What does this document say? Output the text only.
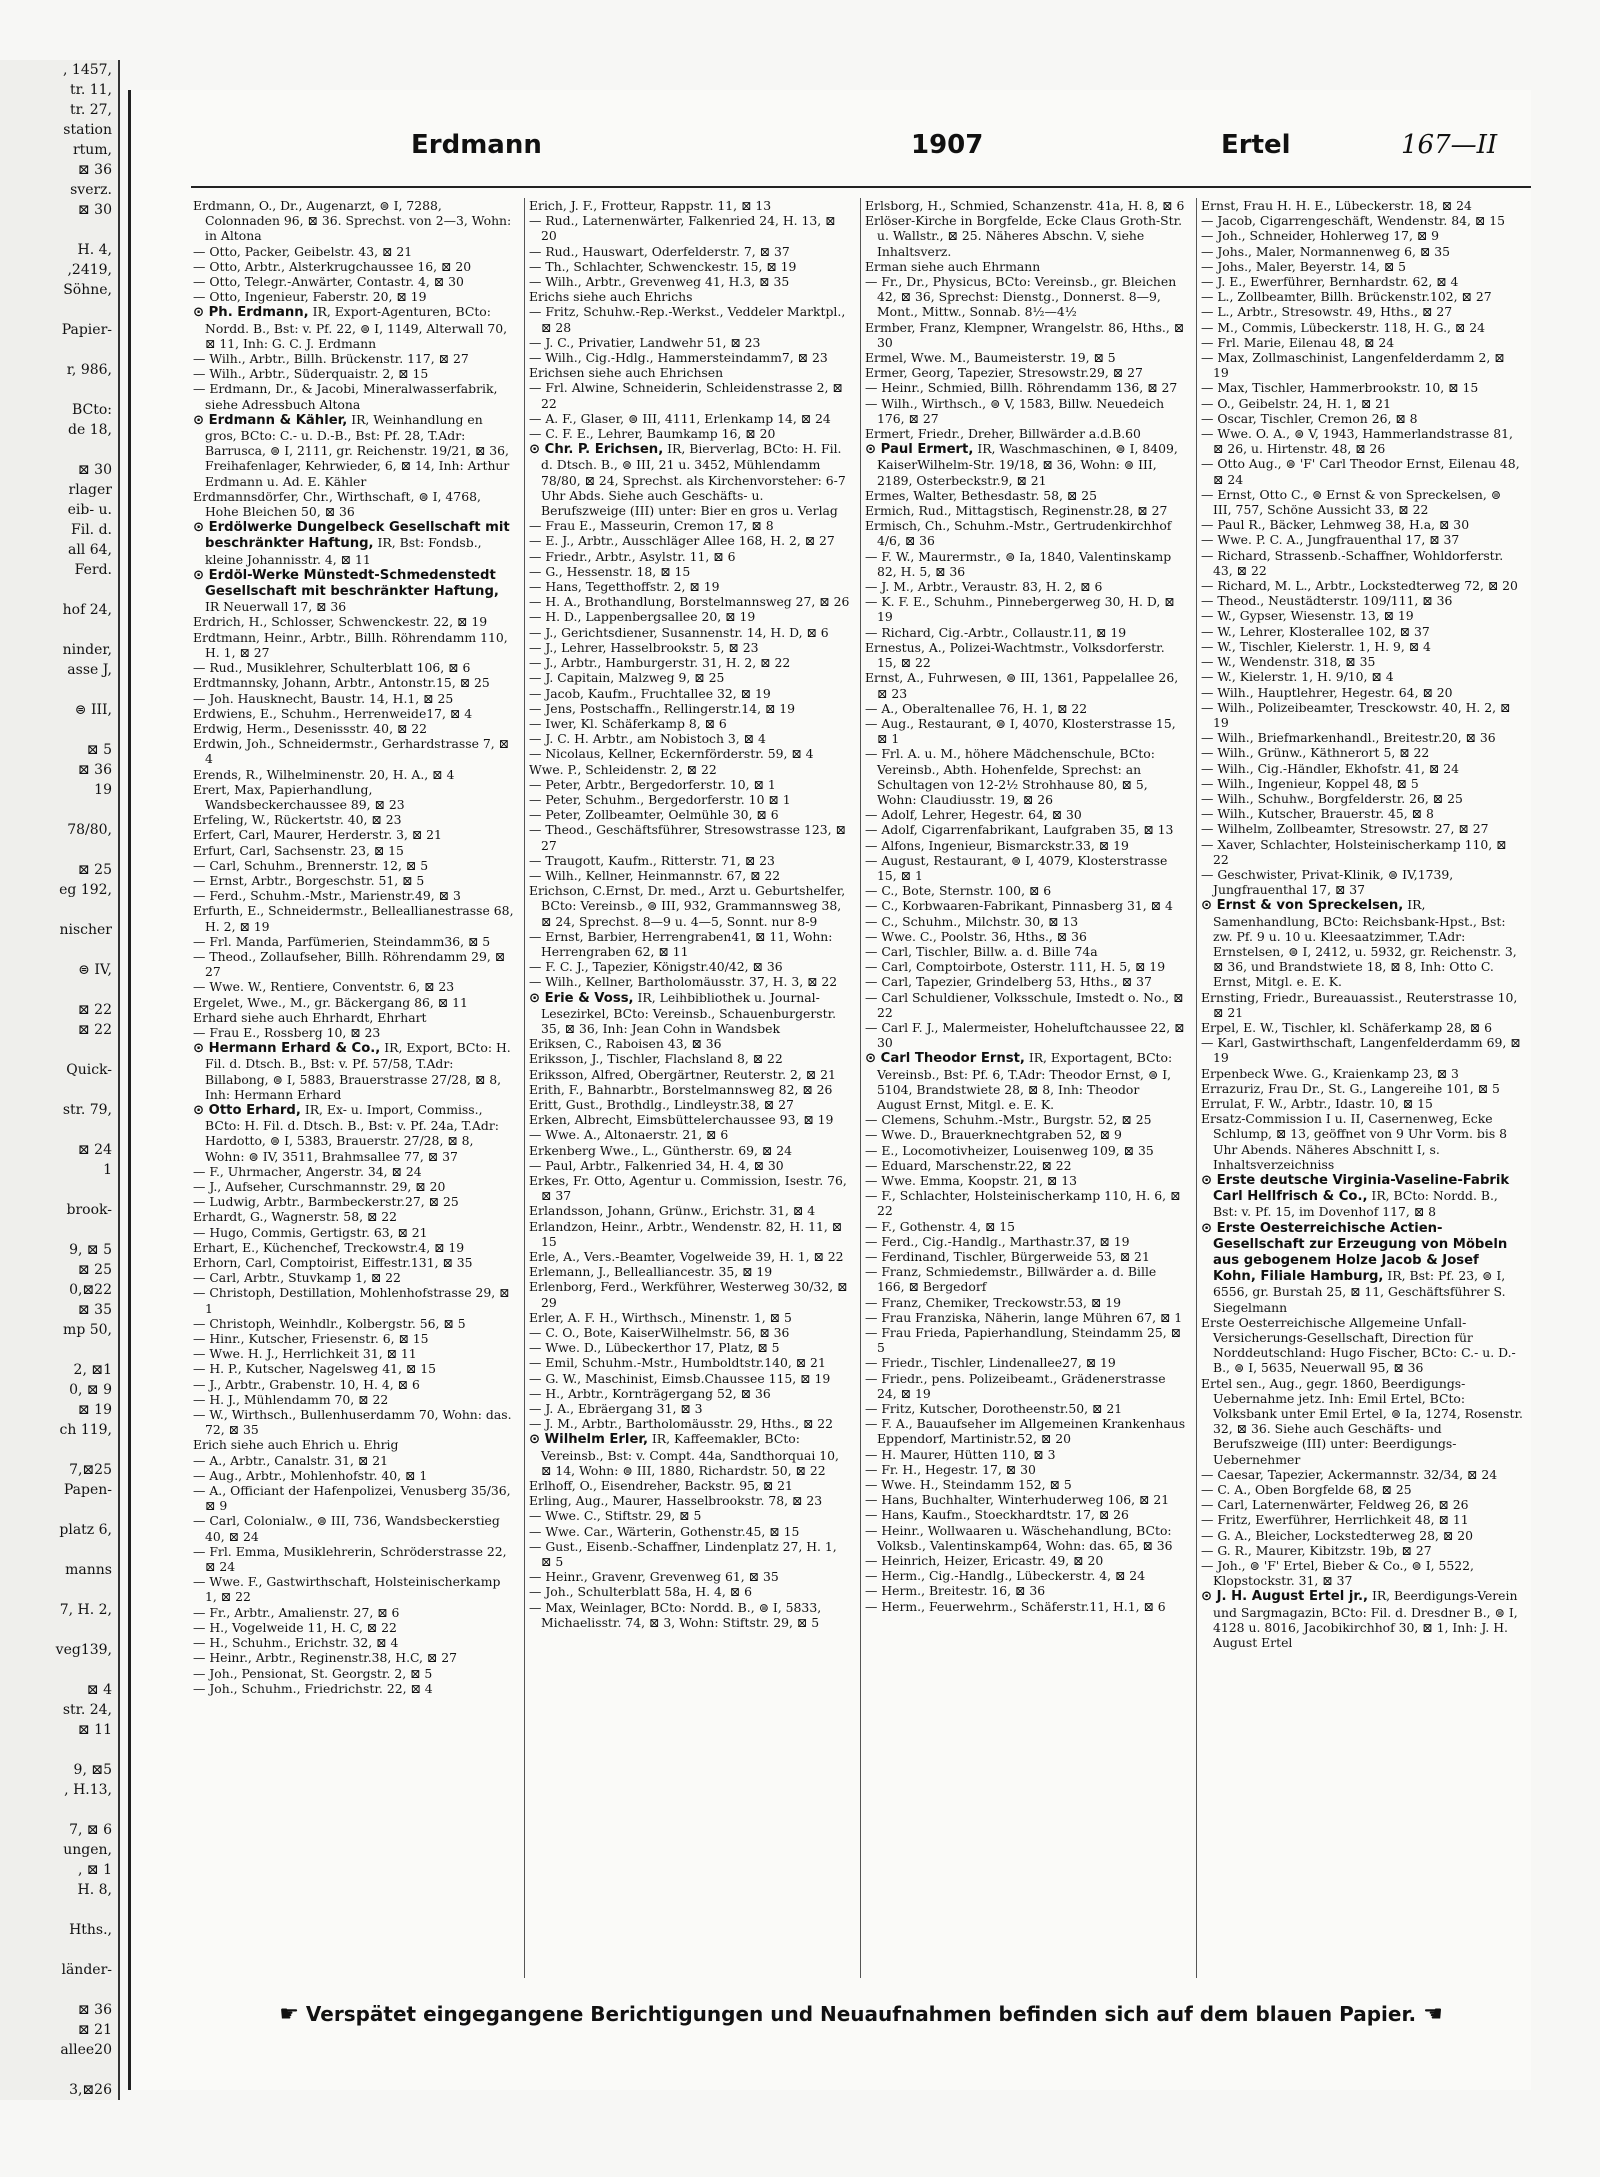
, 1457,
tr. 11,
tr. 27,
station
rtum,
⊠ 36
sverz.
⊠ 30

H. 4,
,2419,
Söhne,

Papier-

r, 986,

BCto:
de 18,

⊠ 30
rlager
eib- u.
Fil. d.
all 64,
Ferd.

hof 24,

ninder,
asse J,

⊜ III,

⊠ 5
⊠ 36
19

78/80,

⊠ 25
eg 192,

nischer

⊜ IV,

⊠ 22
⊠ 22

Quick-

str. 79,

⊠ 24
1

brook-

9, ⊠ 5
⊠ 25
0,⊠22
⊠ 35
mp 50,

2, ⊠1
0, ⊠ 9
⊠ 19
ch 119,

7,⊠25
Papen-

platz 6,

manns

7, H. 2,

veg139,

⊠ 4
str. 24,
⊠ 11

9, ⊠5
, H.13,

7, ⊠ 6
ungen,
, ⊠ 1
H. 8,

Hths.,

länder-

⊠ 36
⊠ 21
allee20

3,⊠26
Erdmann	1907	Ertel	167—II

Erdmann, O., Dr., Augenarzt, ⊜ I, 7288, Colonnaden 96, ⊠ 36. Sprechst. von 2—3, Wohn: in Altona

— Otto, Packer, Geibelstr. 43, ⊠ 21

— Otto, Arbtr., Alsterkrugchaussee 16, ⊠ 20

— Otto, Telegr.-Anwärter, Contastr. 4, ⊠ 30

— Otto, Ingenieur, Faberstr. 20, ⊠ 19

⊙ Ph. Erdmann, IR, Export-Agenturen, BCto: Nordd. B., Bst: v. Pf. 22, ⊜ I, 1149, Alterwall 70, ⊠ 11, Inh: G. C. J. Erdmann

— Wilh., Arbtr., Billh. Brückenstr. 117, ⊠ 27

— Wilh., Arbtr., Süderquaistr. 2, ⊠ 15

— Erdmann, Dr., & Jacobi, Mineralwasserfabrik, siehe Adressbuch Altona

⊙ Erdmann & Kähler, IR, Weinhandlung en gros, BCto: C.- u. D.-B., Bst: Pf. 28, T.Adr: Barrusca, ⊜ I, 2111, gr. Reichenstr. 19/21, ⊠ 36, Freihafenlager, Kehrwieder, 6, ⊠ 14, Inh: Arthur Erdmann u. Ad. E. Kähler

Erdmannsdörfer, Chr., Wirthschaft, ⊜ I, 4768, Hohe Bleichen 50, ⊠ 36

⊙ Erdölwerke Dungelbeck Gesellschaft mit beschränkter Haftung, IR, Bst: Fondsb., kleine Johannisstr. 4, ⊠ 11

⊙ Erdöl-Werke Münstedt-Schmedenstedt Gesellschaft mit beschränkter Haftung, IR Neuerwall 17, ⊠ 36

Erdrich, H., Schlosser, Schwenckestr. 22, ⊠ 19

Erdtmann, Heinr., Arbtr., Billh. Röhrendamm 110, H. 1, ⊠ 27

— Rud., Musiklehrer, Schulterblatt 106, ⊠ 6

Erdtmannsky, Johann, Arbtr., Antonstr.15, ⊠ 25

— Joh. Hausknecht, Baustr. 14, H.1, ⊠ 25

Erdwiens, E., Schuhm., Herrenweide17, ⊠ 4

Erdwig, Herm., Desenissstr. 40, ⊠ 22

Erdwin, Joh., Schneidermstr., Gerhardstrasse 7, ⊠ 4

Erends, R., Wilhelminenstr. 20, H. A., ⊠ 4

Erert, Max, Papierhandlung, Wandsbeckerchaussee 89, ⊠ 23

Erfeling, W., Rückertstr. 40, ⊠ 23

Erfert, Carl, Maurer, Herderstr. 3, ⊠ 21

Erfurt, Carl, Sachsenstr. 23, ⊠ 15

— Carl, Schuhm., Brennerstr. 12, ⊠ 5

— Ernst, Arbtr., Borgeschstr. 51, ⊠ 5

— Ferd., Schuhm.-Mstr., Marienstr.49, ⊠ 3

Erfurth, E., Schneidermstr., Belleallianestrasse 68, H. 2, ⊠ 19

— Frl. Manda, Parfümerien, Steindamm36, ⊠ 5

— Theod., Zollaufseher, Billh. Röhrendamm 29, ⊠ 27

— Wwe. W., Rentiere, Conventstr. 6, ⊠ 23

Ergelet, Wwe., M., gr. Bäckergang 86, ⊠ 11

Erhard siehe auch Ehrhardt, Ehrhart

— Frau E., Rossberg 10, ⊠ 23

⊙ Hermann Erhard & Co., IR, Export, BCto: H. Fil. d. Dtsch. B., Bst: v. Pf. 57/58, T.Adr: Billabong, ⊜ I, 5883, Brauerstrasse 27/28, ⊠ 8, Inh: Hermann Erhard

⊙ Otto Erhard, IR, Ex- u. Import, Commiss., BCto: H. Fil. d. Dtsch. B., Bst: v. Pf. 24a, T.Adr: Hardotto, ⊜ I, 5383, Brauerstr. 27/28, ⊠ 8, Wohn: ⊜ IV, 3511, Brahmsallee 77, ⊠ 37

— F., Uhrmacher, Angerstr. 34, ⊠ 24

— J., Aufseher, Curschmannstr. 29, ⊠ 20

— Ludwig, Arbtr., Barmbeckerstr.27, ⊠ 25

Erhardt, G., Wagnerstr. 58, ⊠ 22

— Hugo, Commis, Gertigstr. 63, ⊠ 21

Erhart, E., Küchenchef, Treckowstr.4, ⊠ 19

Erhorn, Carl, Comptoirist, Eiffestr.131, ⊠ 35

— Carl, Arbtr., Stuvkamp 1, ⊠ 22

— Christoph, Destillation, Mohlenhofstrasse 29, ⊠ 1

— Christoph, Weinhdlr., Kolbergstr. 56, ⊠ 5

— Hinr., Kutscher, Friesenstr. 6, ⊠ 15

— Wwe. H. J., Herrlichkeit 31, ⊠ 11

— H. P., Kutscher, Nagelsweg 41, ⊠ 15

— J., Arbtr., Grabenstr. 10, H. 4, ⊠ 6

— H. J., Mühlendamm 70, ⊠ 22

— W., Wirthsch., Bullenhuserdamm 70, Wohn: das. 72, ⊠ 35

Erich siehe auch Ehrich u. Ehrig

— A., Arbtr., Canalstr. 31, ⊠ 21

— Aug., Arbtr., Mohlenhofstr. 40, ⊠ 1

— A., Officiant der Hafenpolizei, Venusberg 35/36, ⊠ 9

— Carl, Colonialw., ⊜ III, 736, Wandsbeckerstieg 40, ⊠ 24

— Frl. Emma, Musiklehrerin, Schröderstrasse 22, ⊠ 24

— Wwe. F., Gastwirthschaft, Holsteinischerkamp 1, ⊠ 22

— Fr., Arbtr., Amalienstr. 27, ⊠ 6

— H., Vogelweide 11, H. C, ⊠ 22

— H., Schuhm., Erichstr. 32, ⊠ 4

— Heinr., Arbtr., Reginenstr.38, H.C, ⊠ 27

— Joh., Pensionat, St. Georgstr. 2, ⊠ 5

— Joh., Schuhm., Friedrichstr. 22, ⊠ 4

Erich, J. F., Frotteur, Rappstr. 11, ⊠ 13

— Rud., Laternenwärter, Falkenried 24, H. 13, ⊠ 20

— Rud., Hauswart, Oderfelderstr. 7, ⊠ 37

— Th., Schlachter, Schwenckestr. 15, ⊠ 19

— Wilh., Arbtr., Grevenweg 41, H.3, ⊠ 35

Erichs siehe auch Ehrichs

— Fritz, Schuhw.-Rep.-Werkst., Veddeler Marktpl., ⊠ 28

— J. C., Privatier, Landwehr 51, ⊠ 23

— Wilh., Cig.-Hdlg., Hammersteindamm7, ⊠ 23

Erichsen siehe auch Ehrichsen

— Frl. Alwine, Schneiderin, Schleidenstrasse 2, ⊠ 22

— A. F., Glaser, ⊜ III, 4111, Erlenkamp 14, ⊠ 24

— C. F. E., Lehrer, Baumkamp 16, ⊠ 20

⊙ Chr. P. Erichsen, IR, Bierverlag, BCto: H. Fil. d. Dtsch. B., ⊜ III, 21 u. 3452, Mühlendamm 78/80, ⊠ 24, Sprechst. als Kirchenvorsteher: 6-7 Uhr Abds. Siehe auch Geschäfts- u. Berufszweige (III) unter: Bier en gros u. Verlag

— Frau E., Masseurin, Cremon 17, ⊠ 8

— E. J., Arbtr., Ausschläger Allee 168, H. 2, ⊠ 27

— Friedr., Arbtr., Asylstr. 11, ⊠ 6

— G., Hessenstr. 18, ⊠ 15

— Hans, Tegetthoffstr. 2, ⊠ 19

— H. A., Brothandlung, Borstelmannsweg 27, ⊠ 26

— H. D., Lappenbergsallee 20, ⊠ 19

— J., Gerichtsdiener, Susannenstr. 14, H. D, ⊠ 6

— J., Lehrer, Hasselbrookstr. 5, ⊠ 23

— J., Arbtr., Hamburgerstr. 31, H. 2, ⊠ 22

— J. Capitain, Malzweg 9, ⊠ 25

— Jacob, Kaufm., Fruchtallee 32, ⊠ 19

— Jens, Postschaffn., Rellingerstr.14, ⊠ 19

— Iwer, Kl. Schäferkamp 8, ⊠ 6

— J. C. H. Arbtr., am Nobistoch 3, ⊠ 4

— Nicolaus, Kellner, Eckernförderstr. 59, ⊠ 4

Wwe. P., Schleidenstr. 2, ⊠ 22

— Peter, Arbtr., Bergedorferstr. 10, ⊠ 1

— Peter, Schuhm., Bergedorferstr. 10 ⊠ 1

— Peter, Zollbeamter, Oelmühle 30, ⊠ 6

— Theod., Geschäftsführer, Stresowstrasse 123, ⊠ 27

— Traugott, Kaufm., Ritterstr. 71, ⊠ 23

— Wilh., Kellner, Heinmannstr. 67, ⊠ 22

Erichson, C.Ernst, Dr. med., Arzt u. Geburtshelfer, BCto: Vereinsb., ⊜ III, 932, Grammannsweg 38, ⊠ 24, Sprechst. 8—9 u. 4—5, Sonnt. nur 8-9

— Ernst, Barbier, Herrengraben41, ⊠ 11, Wohn: Herrengraben 62, ⊠ 11

— F. C. J., Tapezier, Königstr.40/42, ⊠ 36

— Wilh., Kellner, Bartholomäusstr. 37, H. 3, ⊠ 22

⊙ Erie & Voss, IR, Leihbibliothek u. Journal-Lesezirkel, BCto: Vereinsb., Schauenburgerstr. 35, ⊠ 36, Inh: Jean Cohn in Wandsbek

Eriksen, C., Raboisen 43, ⊠ 36

Eriksson, J., Tischler, Flachsland 8, ⊠ 22

Eriksson, Alfred, Obergärtner, Reuterstr. 2, ⊠ 21

Erith, F., Bahnarbtr., Borstelmannsweg 82, ⊠ 26

Eritt, Gust., Brothdlg., Lindleystr.38, ⊠ 27

Erken, Albrecht, Eimsbüttelerchaussee 93, ⊠ 19

— Wwe. A., Altonaerstr. 21, ⊠ 6

Erkenberg Wwe., L., Güntherstr. 69, ⊠ 24

— Paul, Arbtr., Falkenried 34, H. 4, ⊠ 30

Erkes, Fr. Otto, Agentur u. Commission, Isestr. 76, ⊠ 37

Erlandsson, Johann, Grünw., Erichstr. 31, ⊠ 4

Erlandzon, Heinr., Arbtr., Wendenstr. 82, H. 11, ⊠ 15

Erle, A., Vers.-Beamter, Vogelweide 39, H. 1, ⊠ 22

Erlemann, J., Bellealliancestr. 35, ⊠ 19

Erlenborg, Ferd., Werkführer, Westerweg 30/32, ⊠ 29

Erler, A. F. H., Wirthsch., Minenstr. 1, ⊠ 5

— C. O., Bote, KaiserWilhelmstr. 56, ⊠ 36

— Wwe. D., Lübeckerthor 17, Platz, ⊠ 5

— Emil, Schuhm.-Mstr., Humboldtstr.140, ⊠ 21

— G. W., Maschinist, Eimsb.Chaussee 115, ⊠ 19

— H., Arbtr., Kornträgergang 52, ⊠ 36

— J. A., Ebräergang 31, ⊠ 3

— J. M., Arbtr., Bartholomäusstr. 29, Hths., ⊠ 22

⊙ Wilhelm Erler, IR, Kaffeemakler, BCto: Vereinsb., Bst: v. Compt. 44a, Sandthorquai 10, ⊠ 14, Wohn: ⊜ III, 1880, Richardstr. 50, ⊠ 22

Erlhoff, O., Eisendreher, Backstr. 95, ⊠ 21

Erling, Aug., Maurer, Hasselbrookstr. 78, ⊠ 23

— Wwe. C., Stiftstr. 29, ⊠ 5

— Wwe. Car., Wärterin, Gothenstr.45, ⊠ 15

— Gust., Eisenb.-Schaffner, Lindenplatz 27, H. 1, ⊠ 5

— Heinr., Gravenr, Grevenweg 61, ⊠ 35

— Joh., Schulterblatt 58a, H. 4, ⊠ 6

— Max, Weinlager, BCto: Nordd. B., ⊜ I, 5833, Michaelisstr. 74, ⊠ 3, Wohn: Stiftstr. 29, ⊠ 5

Erlsborg, H., Schmied, Schanzenstr. 41a, H. 8, ⊠ 6

Erlöser-Kirche in Borgfelde, Ecke Claus Groth-Str. u. Wallstr., ⊠ 25. Näheres Abschn. V, siehe Inhaltsverz.

Erman siehe auch Ehrmann

— Fr., Dr., Physicus, BCto: Vereinsb., gr. Bleichen 42, ⊠ 36, Sprechst: Dienstg., Donnerst. 8—9, Mont., Mittw., Sonnab. 8½—4½

Ermber, Franz, Klempner, Wrangelstr. 86, Hths., ⊠ 30

Ermel, Wwe. M., Baumeisterstr. 19, ⊠ 5

Ermer, Georg, Tapezier, Stresowstr.29, ⊠ 27

— Heinr., Schmied, Billh. Röhrendamm 136, ⊠ 27

— Wilh., Wirthsch., ⊜ V, 1583, Billw. Neuedeich 176, ⊠ 27

Ermert, Friedr., Dreher, Billwärder a.d.B.60

⊙ Paul Ermert, IR, Waschmaschinen, ⊜ I, 8409, KaiserWilhelm-Str. 19/18, ⊠ 36, Wohn: ⊜ III, 2189, Osterbeckstr.9, ⊠ 21

Ermes, Walter, Bethesdastr. 58, ⊠ 25

Ermich, Rud., Mittagstisch, Reginenstr.28, ⊠ 27

Ermisch, Ch., Schuhm.-Mstr., Gertrudenkirchhof 4/6, ⊠ 36

— F. W., Maurermstr., ⊜ Ia, 1840, Valentinskamp 82, H. 5, ⊠ 36

— J. M., Arbtr., Veraustr. 83, H. 2, ⊠ 6

— K. F. E., Schuhm., Pinnebergerweg 30, H. D, ⊠ 19

— Richard, Cig.-Arbtr., Collaustr.11, ⊠ 19

Ernestus, A., Polizei-Wachtmstr., Volksdorferstr. 15, ⊠ 22

Ernst, A., Fuhrwesen, ⊜ III, 1361, Pappelallee 26, ⊠ 23

— A., Oberaltenallee 76, H. 1, ⊠ 22

— Aug., Restaurant, ⊜ I, 4070, Klosterstrasse 15, ⊠ 1

— Frl. A. u. M., höhere Mädchenschule, BCto: Vereinsb., Abth. Hohenfelde, Sprechst: an Schultagen von 12-2½ Strohhause 80, ⊠ 5, Wohn: Claudiusstr. 19, ⊠ 26

— Adolf, Lehrer, Hegestr. 64, ⊠ 30

— Adolf, Cigarrenfabrikant, Laufgraben 35, ⊠ 13

— Alfons, Ingenieur, Bismarckstr.33, ⊠ 19

— August, Restaurant, ⊜ I, 4079, Klosterstrasse 15, ⊠ 1

— C., Bote, Sternstr. 100, ⊠ 6

— C., Korbwaaren-Fabrikant, Pinnasberg 31, ⊠ 4

— C., Schuhm., Milchstr. 30, ⊠ 13

— Wwe. C., Poolstr. 36, Hths., ⊠ 36

— Carl, Tischler, Billw. a. d. Bille 74a

— Carl, Comptoirbote, Osterstr. 111, H. 5, ⊠ 19

— Carl, Tapezier, Grindelberg 53, Hths., ⊠ 37

— Carl Schuldiener, Volksschule, Imstedt o. No., ⊠ 22

— Carl F. J., Malermeister, Hoheluftchaussee 22, ⊠ 30

⊙ Carl Theodor Ernst, IR, Exportagent, BCto: Vereinsb., Bst: Pf. 6, T.Adr: Theodor Ernst, ⊜ I, 5104, Brandstwiete 28, ⊠ 8, Inh: Theodor August Ernst, Mitgl. e. E. K.

— Clemens, Schuhm.-Mstr., Burgstr. 52, ⊠ 25

— Wwe. D., Brauerknechtgraben 52, ⊠ 9

— E., Locomotivheizer, Louisenweg 109, ⊠ 35

— Eduard, Marschenstr.22, ⊠ 22

— Wwe. Emma, Koopstr. 21, ⊠ 13

— F., Schlachter, Holsteinischerkamp 110, H. 6, ⊠ 22

— F., Gothenstr. 4, ⊠ 15

— Ferd., Cig.-Handlg., Marthastr.37, ⊠ 19

— Ferdinand, Tischler, Bürgerweide 53, ⊠ 21

— Franz, Schmiedemstr., Billwärder a. d. Bille 166, ⊠ Bergedorf

— Franz, Chemiker, Treckowstr.53, ⊠ 19

— Frau Franziska, Näherin, lange Mühren 67, ⊠ 1

— Frau Frieda, Papierhandlung, Steindamm 25, ⊠ 5

— Friedr., Tischler, Lindenallee27, ⊠ 19

— Friedr., pens. Polizeibeamt., Grädenerstrasse 24, ⊠ 19

— Fritz, Kutscher, Dorotheenstr.50, ⊠ 21

— F. A., Bauaufseher im Allgemeinen Krankenhaus Eppendorf, Martinistr.52, ⊠ 20

— H. Maurer, Hütten 110, ⊠ 3

— Fr. H., Hegestr. 17, ⊠ 30

— Wwe. H., Steindamm 152, ⊠ 5

— Hans, Buchhalter, Winterhuderweg 106, ⊠ 21

— Hans, Kaufm., Stoeckhardtstr. 17, ⊠ 26

— Heinr., Wollwaaren u. Wäschehandlung, BCto: Volksb., Valentinskamp64, Wohn: das. 65, ⊠ 36

— Heinrich, Heizer, Ericastr. 49, ⊠ 20

— Herm., Cig.-Handlg., Lübeckerstr. 4, ⊠ 24

— Herm., Breitestr. 16, ⊠ 36

— Herm., Feuerwehrm., Schäferstr.11, H.1, ⊠ 6

Ernst, Frau H. H. E., Lübeckerstr. 18, ⊠ 24

— Jacob, Cigarrengeschäft, Wendenstr. 84, ⊠ 15

— Joh., Schneider, Hohlerweg 17, ⊠ 9

— Johs., Maler, Normannenweg 6, ⊠ 35

— Johs., Maler, Beyerstr. 14, ⊠ 5

— J. E., Ewerführer, Bernhardstr. 62, ⊠ 4

— L., Zollbeamter, Billh. Brückenstr.102, ⊠ 27

— L., Arbtr., Stresowstr. 49, Hths., ⊠ 27

— M., Commis, Lübeckerstr. 118, H. G., ⊠ 24

— Frl. Marie, Eilenau 48, ⊠ 24

— Max, Zollmaschinist, Langenfelderdamm 2, ⊠ 19

— Max, Tischler, Hammerbrookstr. 10, ⊠ 15

— O., Geibelstr. 24, H. 1, ⊠ 21

— Oscar, Tischler, Cremon 26, ⊠ 8

— Wwe. O. A., ⊜ V, 1943, Hammerlandstrasse 81, ⊠ 26, u. Hirtenstr. 48, ⊠ 26

— Otto Aug., ⊜ 'F' Carl Theodor Ernst, Eilenau 48, ⊠ 24

— Ernst, Otto C., ⊜ Ernst & von Spreckelsen, ⊜ III, 757, Schöne Aussicht 33, ⊠ 22

— Paul R., Bäcker, Lehmweg 38, H.a, ⊠ 30

— Wwe. P. C. A., Jungfrauenthal 17, ⊠ 37

— Richard, Strassenb.-Schaffner, Wohldorferstr. 43, ⊠ 22

— Richard, M. L., Arbtr., Lockstedterweg 72, ⊠ 20

— Theod., Neustädterstr. 109/111, ⊠ 36

— W., Gypser, Wiesenstr. 13, ⊠ 19

— W., Lehrer, Klosterallee 102, ⊠ 37

— W., Tischler, Kielerstr. 1, H. 9, ⊠ 4

— W., Wendenstr. 318, ⊠ 35

— W., Kielerstr. 1, H. 9/10, ⊠ 4

— Wilh., Hauptlehrer, Hegestr. 64, ⊠ 20

— Wilh., Polizeibeamter, Tresckowstr. 40, H. 2, ⊠ 19

— Wilh., Briefmarkenhandl., Breitestr.20, ⊠ 36

— Wilh., Grünw., Käthnerort 5, ⊠ 22

— Wilh., Cig.-Händler, Ekhofstr. 41, ⊠ 24

— Wilh., Ingenieur, Koppel 48, ⊠ 5

— Wilh., Schuhw., Borgfelderstr. 26, ⊠ 25

— Wilh., Kutscher, Brauerstr. 45, ⊠ 8

— Wilhelm, Zollbeamter, Stresowstr. 27, ⊠ 27

— Xaver, Schlachter, Holsteinischerkamp 110, ⊠ 22

— Geschwister, Privat-Klinik, ⊜ IV,1739, Jungfrauenthal 17, ⊠ 37

⊙ Ernst & von Spreckelsen, IR, Samenhandlung, BCto: Reichsbank-Hpst., Bst: zw. Pf. 9 u. 10 u. Kleesaatzimmer, T.Adr: Ernstelsen, ⊜ I, 2412, u. 5932, gr. Reichenstr. 3, ⊠ 36, und Brandstwiete 18, ⊠ 8, Inh: Otto C. Ernst, Mitgl. e. E. K.

Ernsting, Friedr., Bureauassist., Reuterstrasse 10, ⊠ 21

Erpel, E. W., Tischler, kl. Schäferkamp 28, ⊠ 6

— Karl, Gastwirthschaft, Langenfelderdamm 69, ⊠ 19

Erpenbeck Wwe. G., Kraienkamp 23, ⊠ 3

Errazuriz, Frau Dr., St. G., Langereihe 101, ⊠ 5

Errulat, F. W., Arbtr., Idastr. 10, ⊠ 15

Ersatz-Commission I u. II, Casernenweg, Ecke Schlump, ⊠ 13, geöffnet von 9 Uhr Vorm. bis 8 Uhr Abends. Näheres Abschnitt I, s. Inhaltsverzeichniss

⊙ Erste deutsche Virginia-Vaseline-Fabrik Carl Hellfrisch & Co., IR, BCto: Nordd. B., Bst: v. Pf. 15, im Dovenhof 117, ⊠ 8

⊙ Erste Oesterreichische Actien-Gesellschaft zur Erzeugung von Möbeln aus gebogenem Holze Jacob & Josef Kohn, Filiale Hamburg, IR, Bst: Pf. 23, ⊜ I, 6556, gr. Burstah 25, ⊠ 11, Geschäftsführer S. Siegelmann

Erste Oesterreichische Allgemeine Unfall-Versicherungs-Gesellschaft, Direction für Norddeutschland: Hugo Fischer, BCto: C.- u. D.-B., ⊜ I, 5635, Neuerwall 95, ⊠ 36

Ertel sen., Aug., gegr. 1860, Beerdigungs-Uebernahme jetz. Inh: Emil Ertel, BCto: Volksbank unter Emil Ertel, ⊜ Ia, 1274, Rosenstr. 32, ⊠ 36. Siehe auch Geschäfts- und Berufszweige (III) unter: Beerdigungs-Uebernehmer

— Caesar, Tapezier, Ackermannstr. 32/34, ⊠ 24

— C. A., Oben Borgfelde 68, ⊠ 25

— Carl, Laternenwärter, Feldweg 26, ⊠ 26

— Fritz, Ewerführer, Herrlichkeit 48, ⊠ 11

— G. A., Bleicher, Lockstedterweg 28, ⊠ 20

— G. R., Maurer, Kibitzstr. 19b, ⊠ 27

— Joh., ⊜ 'F' Ertel, Bieber & Co., ⊜ I, 5522, Klopstockstr. 31, ⊠ 37

⊙ J. H. August Ertel jr., IR, Beerdigungs-Verein und Sargmagazin, BCto: Fil. d. Dresdner B., ⊜ I, 4128 u. 8016, Jacobikirchhof 30, ⊠ 1, Inh: J. H. August Ertel

☛ Verspätet eingegangene Berichtigungen und Neuaufnahmen befinden sich auf dem blauen Papier. ☚
